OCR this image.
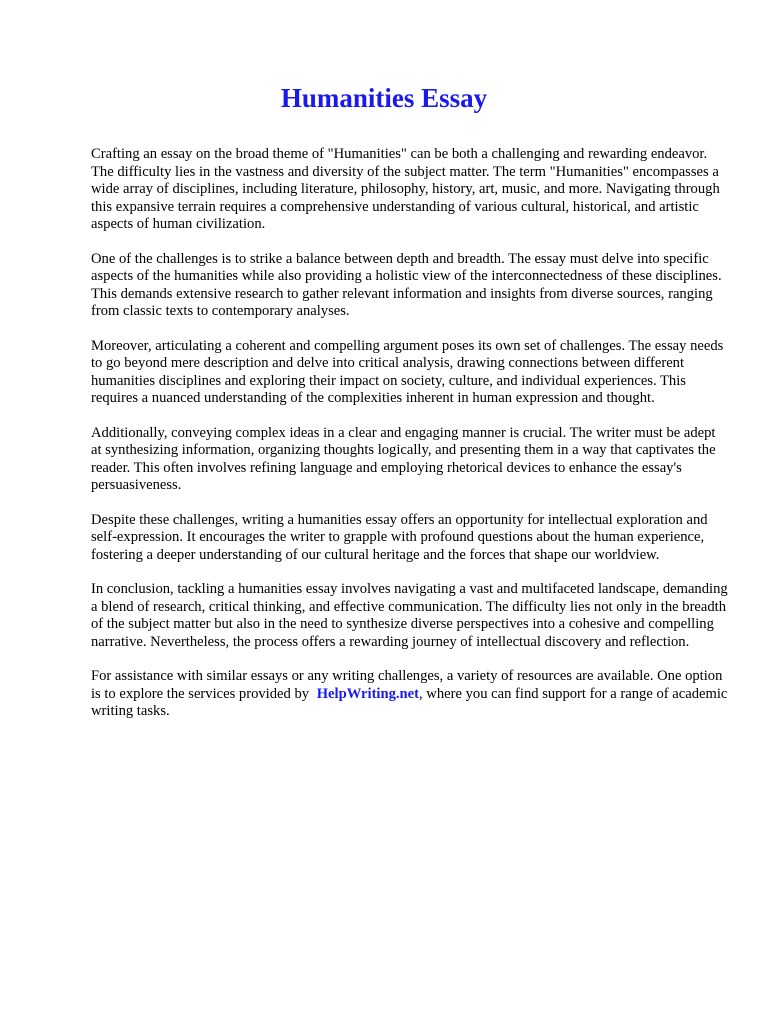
Humanities Essay

Crafting an essay on the broad theme of "Humanities" can be both a challenging and rewarding endeavor. The difficulty lies in the vastness and diversity of the subject matter. The term "Humanities" encompasses a wide array of disciplines, including literature, philosophy, history, art, music, and more. Navigating through this expansive terrain requires a comprehensive understanding of various cultural, historical, and artistic aspects of human civilization.

One of the challenges is to strike a balance between depth and breadth. The essay must delve into specific aspects of the humanities while also providing a holistic view of the interconnectedness of these disciplines. This demands extensive research to gather relevant information and insights from diverse sources, ranging from classic texts to contemporary analyses.

Moreover, articulating a coherent and compelling argument poses its own set of challenges. The essay needs to go beyond mere description and delve into critical analysis, drawing connections between different humanities disciplines and exploring their impact on society, culture, and individual experiences. This requires a nuanced understanding of the complexities inherent in human expression and thought.

Additionally, conveying complex ideas in a clear and engaging manner is crucial. The writer must be adept at synthesizing information, organizing thoughts logically, and presenting them in a way that captivates the reader. This often involves refining language and employing rhetorical devices to enhance the essay's persuasiveness.

Despite these challenges, writing a humanities essay offers an opportunity for intellectual exploration and self-expression. It encourages the writer to grapple with profound questions about the human experience, fostering a deeper understanding of our cultural heritage and the forces that shape our worldview.

In conclusion, tackling a humanities essay involves navigating a vast and multifaceted landscape, demanding a blend of research, critical thinking, and effective communication. The difficulty lies not only in the breadth of the subject matter but also in the need to synthesize diverse perspectives into a cohesive and compelling narrative. Nevertheless, the process offers a rewarding journey of intellectual discovery and reflection.

For assistance with similar essays or any writing challenges, a variety of resources are available. One option is to explore the services provided by HelpWriting.net, where you can find support for a range of academic writing tasks.
